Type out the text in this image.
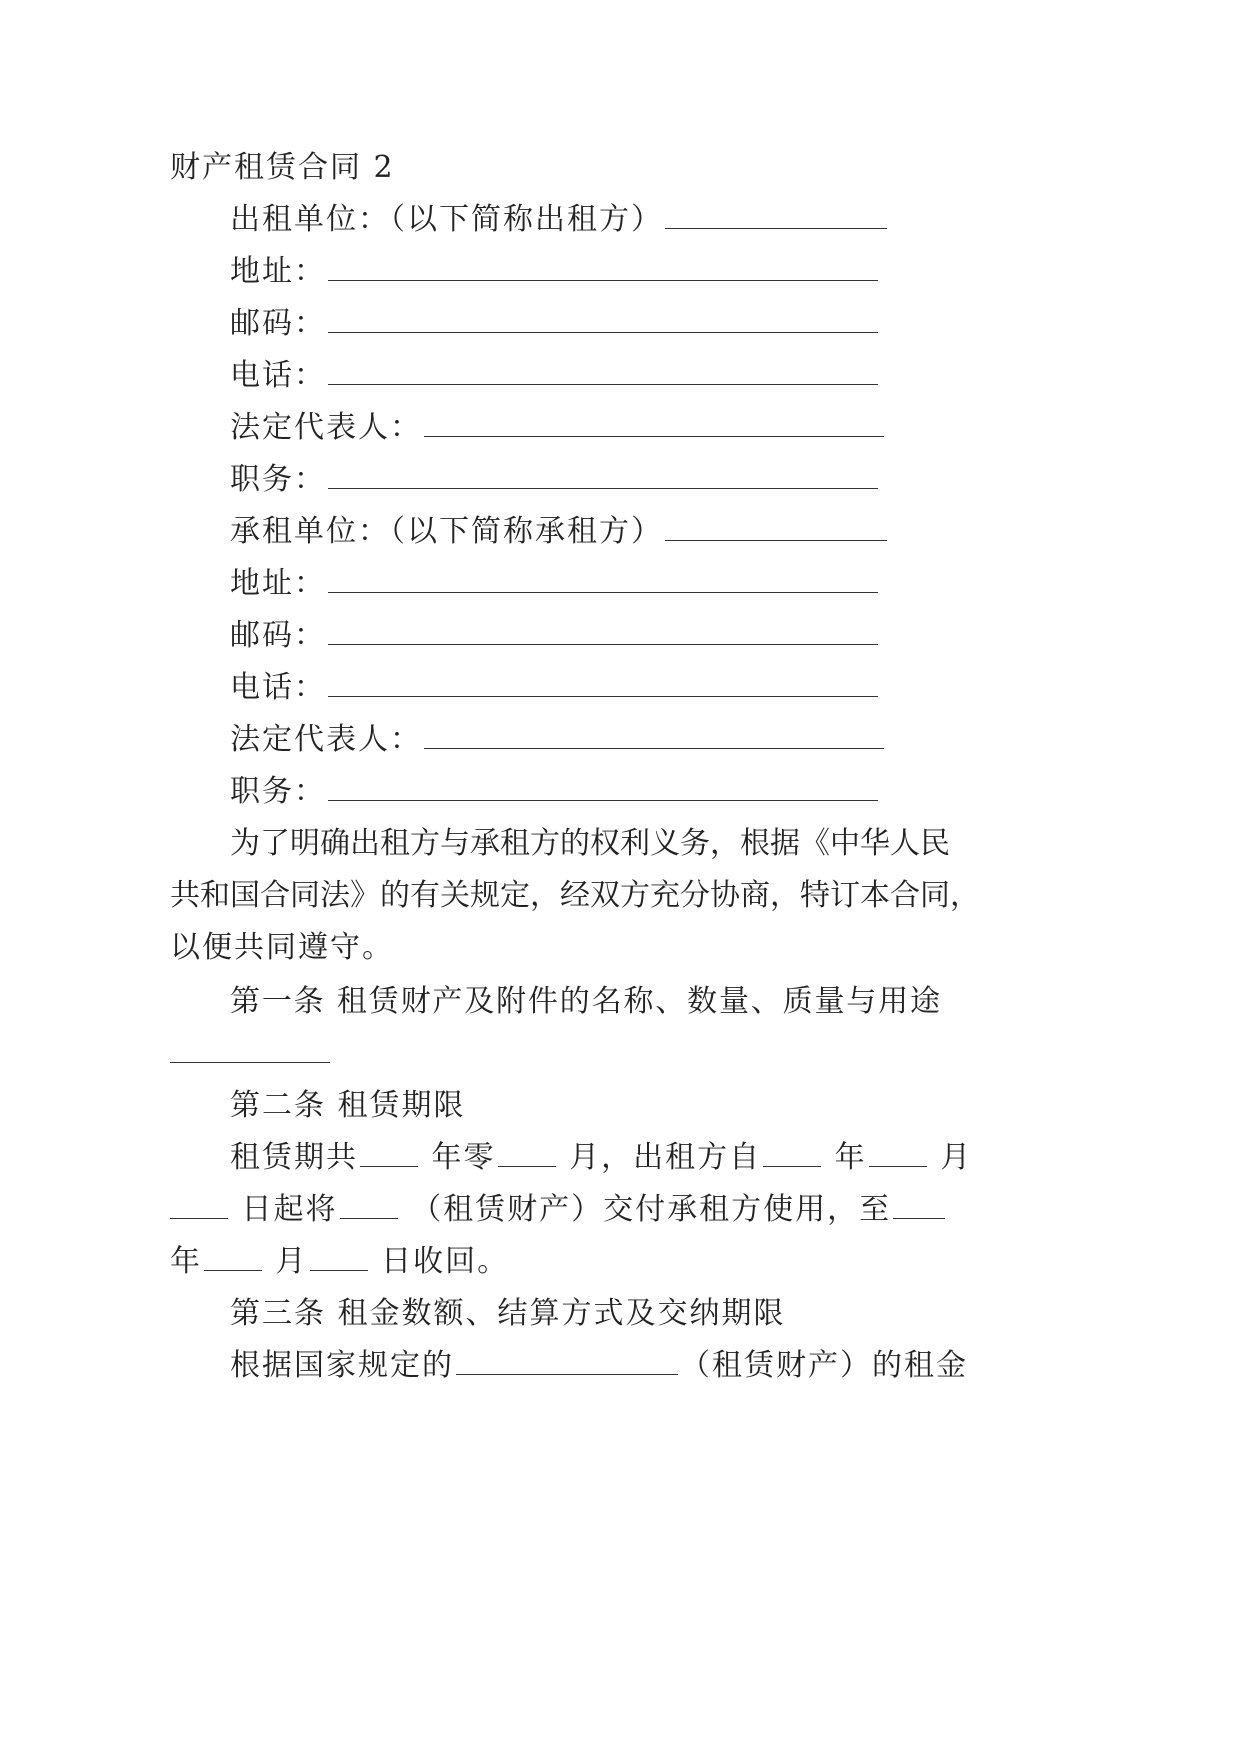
财产租赁合同 2
出租单位：（以下简称出租方）
地址：
邮码：
电话：
法定代表人：
职务：
承租单位：（以下简称承租方）
地址：
邮码：
电话：
法定代表人：
职务：
为了明确出租方与承租方的权利义务，根据《中华人民
共和国合同法》的有关规定，经双方充分协商，特订本合同，
以便共同遵守。
第一条 租赁财产及附件的名称、数量、质量与用途
第二条 租赁期限
租赁期共 年零 月，出租方自 年 月
日起将 （租赁财产）交付承租方使用，至
年 月 日收回。
第三条 租金数额、结算方式及交纳期限
根据国家规定的	（租赁财产）的租金
